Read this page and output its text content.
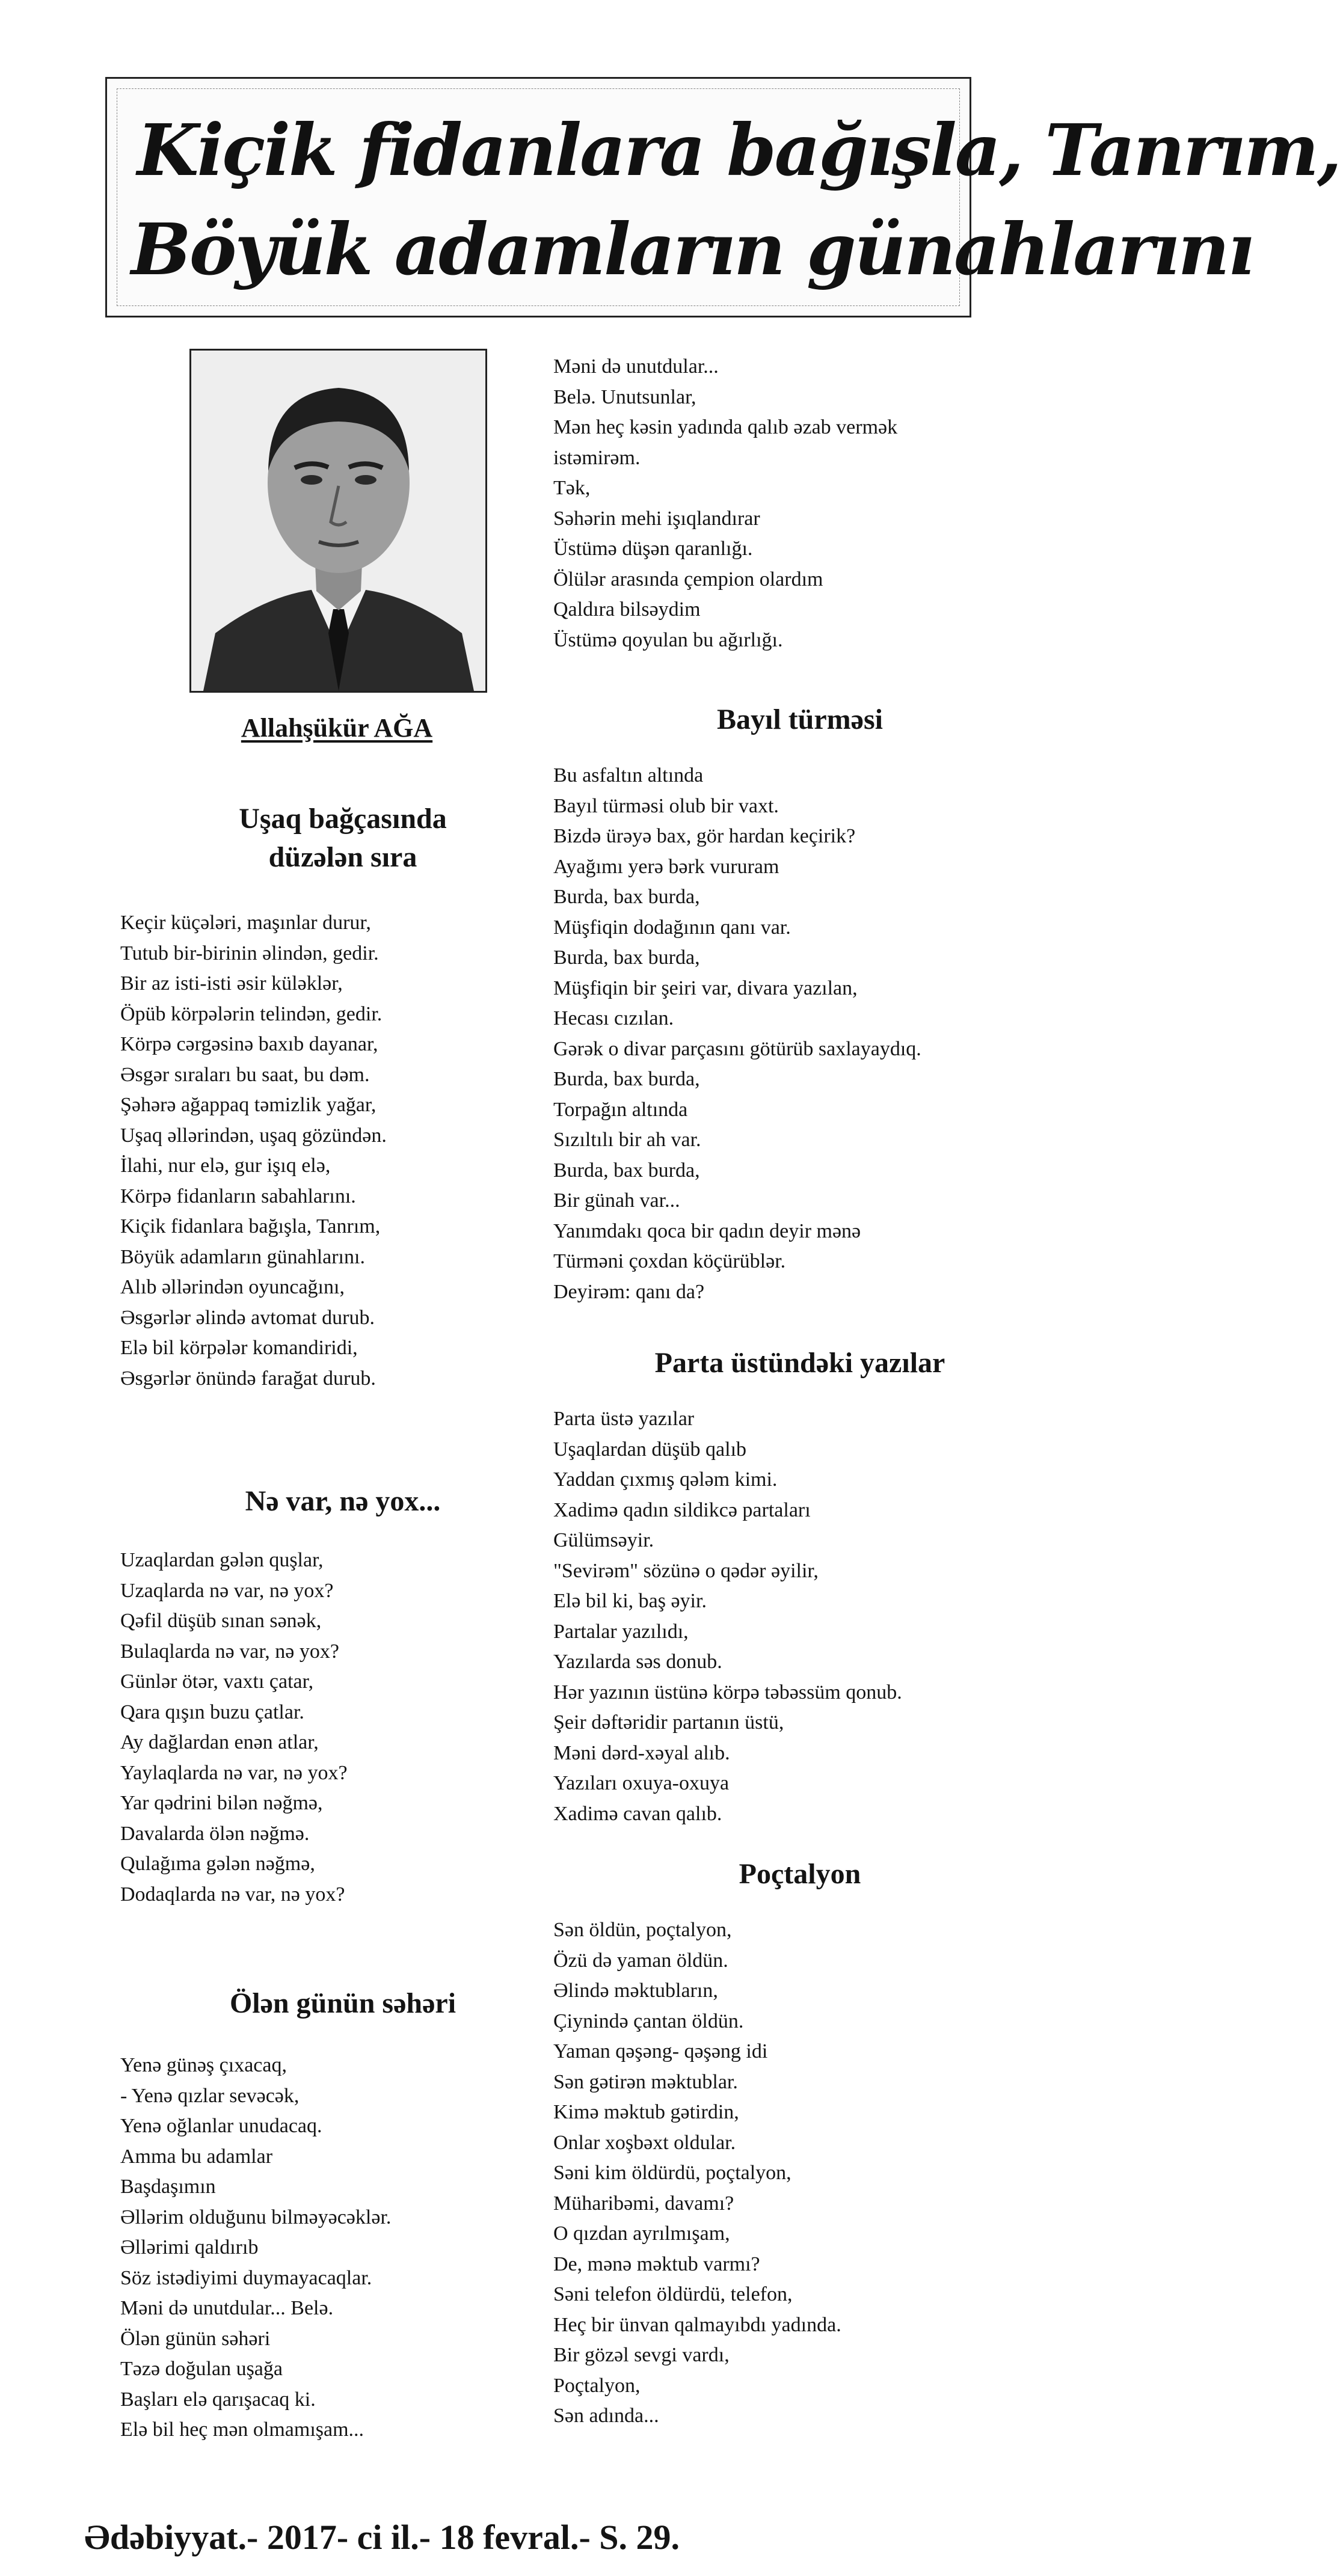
Kiçik fidanlara bağışla, Tanrım,
Böyük adamların günahlarını
Allahşükür AĞA
Uşaq bağçasında
düzələn sıra
Keçir küçələri, maşınlar durur,
Tutub bir-birinin əlindən, gedir.
Bir az isti-isti əsir küləklər,
Öpüb körpələrin telindən, gedir.
Körpə cərgəsinə baxıb dayanar,
Əsgər sıraları bu saat, bu dəm.
Şəhərə ağappaq təmizlik yağar,
Uşaq əllərindən, uşaq gözündən.
İlahi, nur elə, gur işıq elə,
Körpə fidanların sabahlarını.
Kiçik fidanlara bağışla, Tanrım,
Böyük adamların günahlarını.
Alıb əllərindən oyuncağını,
Əsgərlər əlində avtomat durub.
Elə bil körpələr komandiridi,
Əsgərlər önündə farağat durub.
Nə var, nə yox...
Uzaqlardan gələn quşlar,
Uzaqlarda nə var, nə yox?
Qəfil düşüb sınan sənək,
Bulaqlarda nə var, nə yox?
Günlər ötər, vaxtı çatar,
Qara qışın buzu çatlar.
Ay dağlardan enən atlar,
Yaylaqlarda nə var, nə yox?
Yar qədrini bilən nəğmə,
Davalarda ölən nəğmə.
Qulağıma gələn nəğmə,
Dodaqlarda nə var, nə yox?
Ölən günün səhəri
Yenə günəş çıxacaq,
- Yenə qızlar sevəcək,
Yenə oğlanlar unudacaq.
Amma bu adamlar
Başdaşımın
Əllərim olduğunu bilməyəcəklər.
Əllərimi qaldırıb
Söz istədiyimi duymayacaqlar.
Məni də unutdular... Belə.
Ölən günün səhəri
Təzə doğulan uşağa
Başları elə qarışacaq ki.
Elə bil heç mən olmamışam...
Məni də unutdular...
Belə. Unutsunlar,
Mən heç kəsin yadında qalıb əzab vermək
istəmirəm.
Tək,
Səhərin mehi işıqlandırar
Üstümə düşən qaranlığı.
Ölülər arasında çempion olardım
Qaldıra bilsəydim
Üstümə qoyulan bu ağırlığı.
Bayıl türməsi
Bu asfaltın altında
Bayıl türməsi olub bir vaxt.
Bizdə ürəyə bax, gör hardan keçirik?
Ayağımı yerə bərk vururam
Burda, bax burda,
Müşfiqin dodağının qanı var.
Burda, bax burda,
Müşfiqin bir şeiri var, divara yazılan,
Hecası cızılan.
Gərək o divar parçasını götürüb saxlayaydıq.
Burda, bax burda,
Torpağın altında
Sızıltılı bir ah var.
Burda, bax burda,
Bir günah var...
Yanımdakı qoca bir qadın deyir mənə
Türməni çoxdan köçürüblər.
Deyirəm: qanı da?
Parta üstündəki yazılar
Parta üstə yazılar
Uşaqlardan düşüb qalıb
Yaddan çıxmış qələm kimi.
Xadimə qadın sildikcə partaları
Gülümsəyir.
"Sevirəm" sözünə o qədər əyilir,
Elə bil ki, baş əyir.
Partalar yazılıdı,
Yazılarda səs donub.
Hər yazının üstünə körpə təbəssüm qonub.
Şeir dəftəridir partanın üstü,
Məni dərd-xəyal alıb.
Yazıları oxuya-oxuya
Xadimə cavan qalıb.
Poçtalyon
Sən öldün, poçtalyon,
Özü də yaman öldün.
Əlində məktubların,
Çiynində çantan öldün.
Yaman qəşəng- qəşəng idi
Sən gətirən məktublar.
Kimə məktub gətirdin,
Onlar xoşbəxt oldular.
Səni kim öldürdü, poçtalyon,
Müharibəmi, davamı?
O qızdan ayrılmışam,
De, mənə məktub varmı?
Səni telefon öldürdü, telefon,
Heç bir ünvan qalmayıbdı yadında.
Bir gözəl sevgi vardı,
Poçtalyon,
Sən adında...
Ədəbiyyat.- 2017- ci il.- 18 fevral.- S. 29.
